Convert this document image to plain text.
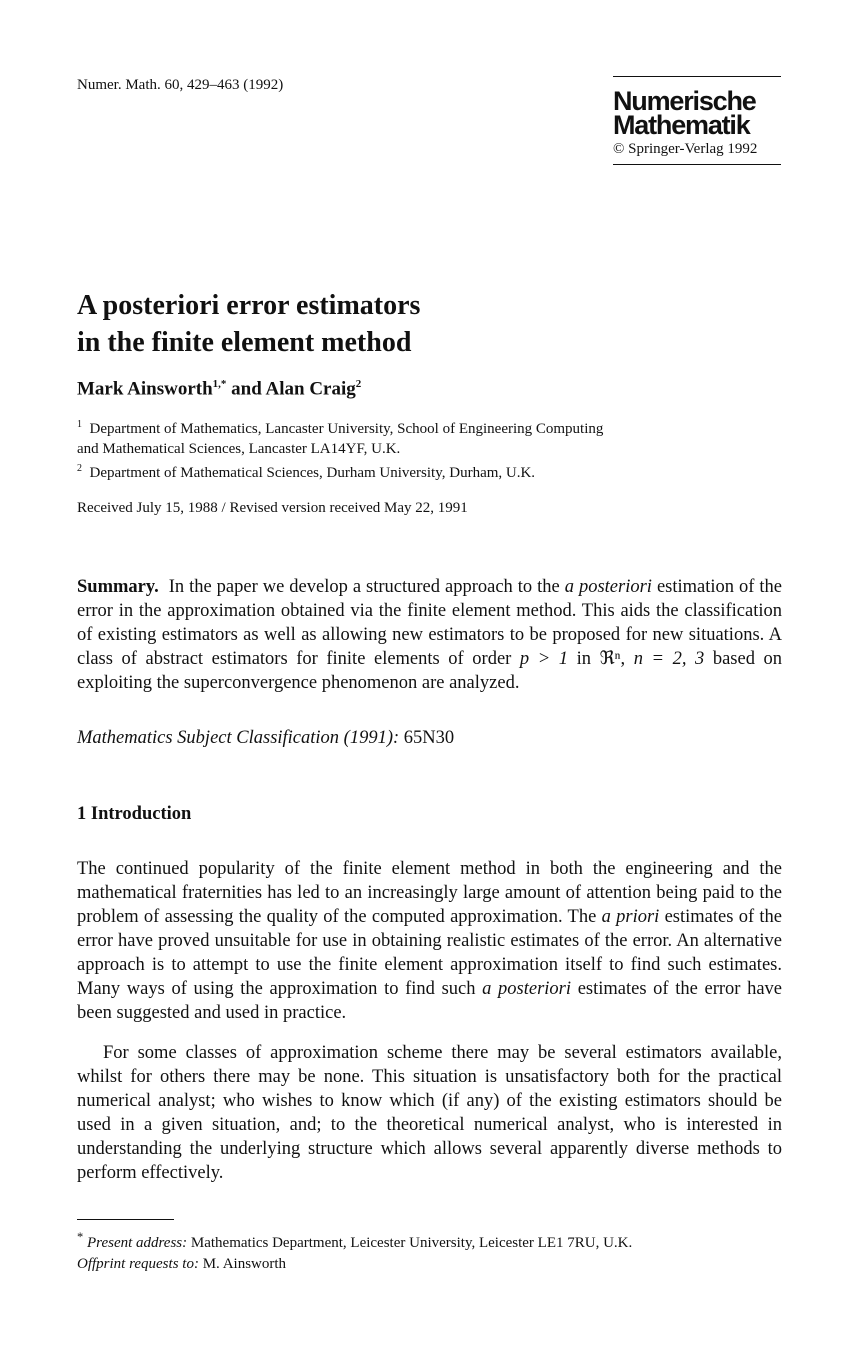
Numer. Math. 60, 429–463 (1992)
Numerische
Mathematik
© Springer-Verlag 1992
A posteriori error estimators
in the finite element method
Mark Ainsworth$^{1,*}$ and Alan Craig$^2$
$^1$ Department of Mathematics, Lancaster University, School of Engineering Computing
and Mathematical Sciences, Lancaster LA14YF, U.K.
$^2$ Department of Mathematical Sciences, Durham University, Durham, U.K.
Received July 15, 1988 / Revised version received May 22, 1991
Summary. In the paper we develop a structured approach to the a posteriori estimation of the error in the approximation obtained via the finite element method. This aids the classification of existing estimators as well as allowing new estimators to be proposed for new situations. A class of abstract estimators for finite elements of order p > 1 in ℜⁿ, n = 2, 3 based on exploiting the superconvergence phenomenon are analyzed.
Mathematics Subject Classification (1991): 65N30
1 Introduction
The continued popularity of the finite element method in both the engineering and the mathematical fraternities has led to an increasingly large amount of attention being paid to the problem of assessing the quality of the computed approximation. The a priori estimates of the error have proved unsuitable for use in obtaining realistic estimates of the error. An alternative approach is to attempt to use the finite element approximation itself to find such estimates. Many ways of using the approximation to find such a posteriori estimates of the error have been suggested and used in practice.
For some classes of approximation scheme there may be several estimators available, whilst for others there may be none. This situation is unsatisfactory both for the practical numerical analyst; who wishes to know which (if any) of the existing estimators should be used in a given situation, and; to the theoretical numerical analyst, who is interested in understanding the underlying structure which allows several apparently diverse methods to perform effectively.
* Present address: Mathematics Department, Leicester University, Leicester LE1 7RU, U.K.
Offprint requests to: M. Ainsworth
